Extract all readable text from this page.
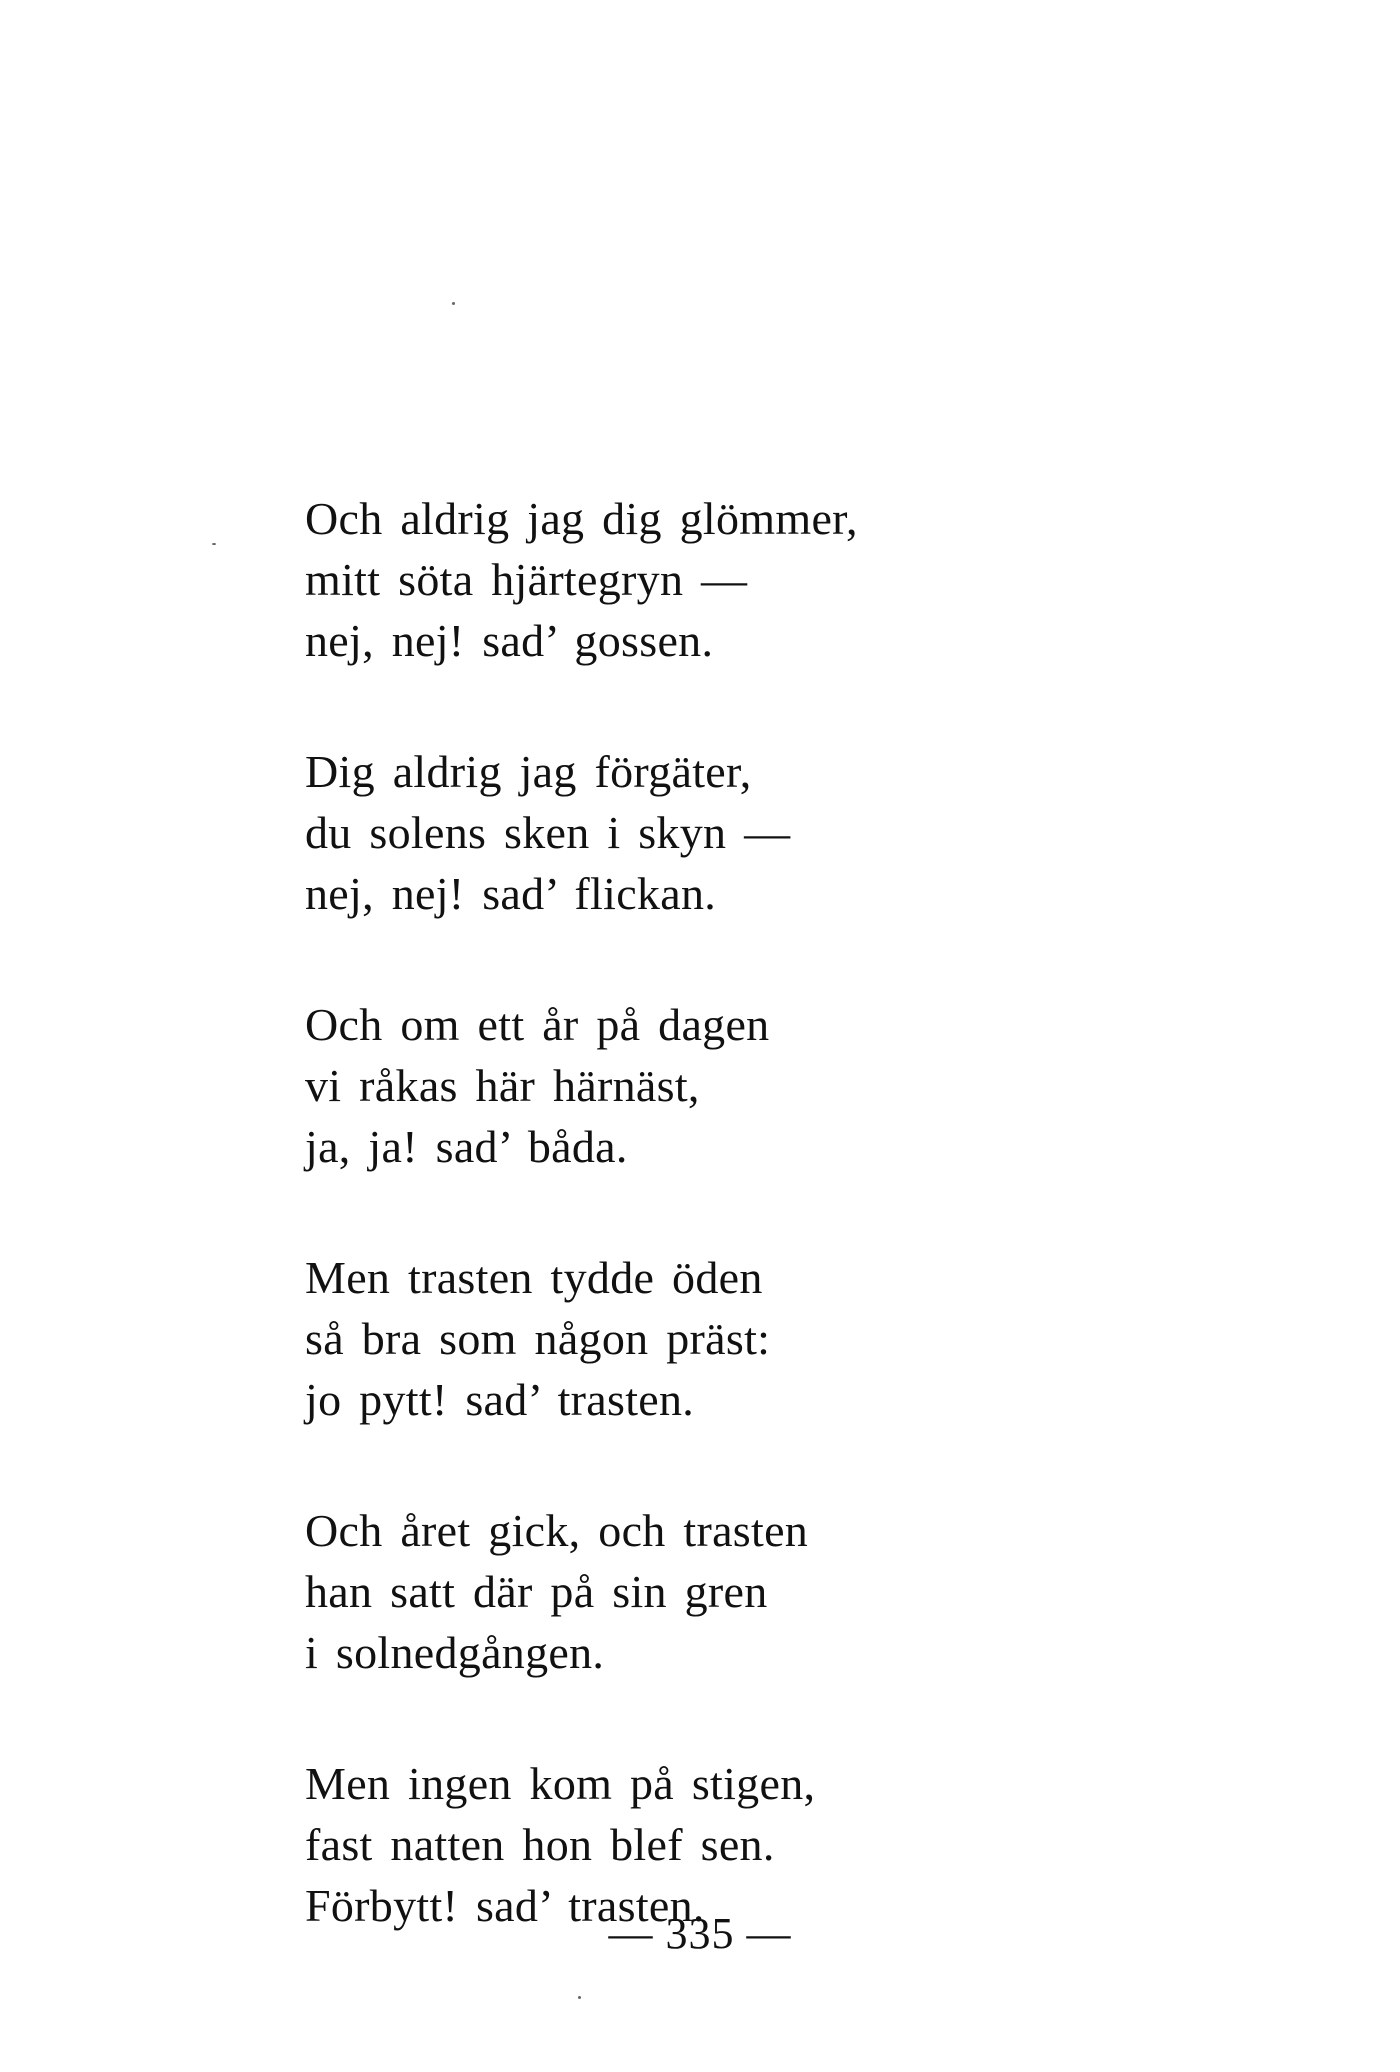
Och aldrig jag dig glömmer,
mitt söta hjärtegryn —
nej, nej! sad’ gossen.
Dig aldrig jag förgäter,
du solens sken i skyn —
nej, nej! sad’ flickan.
Och om ett år på dagen
vi råkas här härnäst,
ja, ja! sad’ båda.
Men trasten tydde öden
så bra som någon präst:
jo pytt! sad’ trasten.
Och året gick, och trasten
han satt där på sin gren
i solnedgången.
Men ingen kom på stigen,
fast natten hon blef sen.
Förbytt! sad’ trasten.
— 335 —
